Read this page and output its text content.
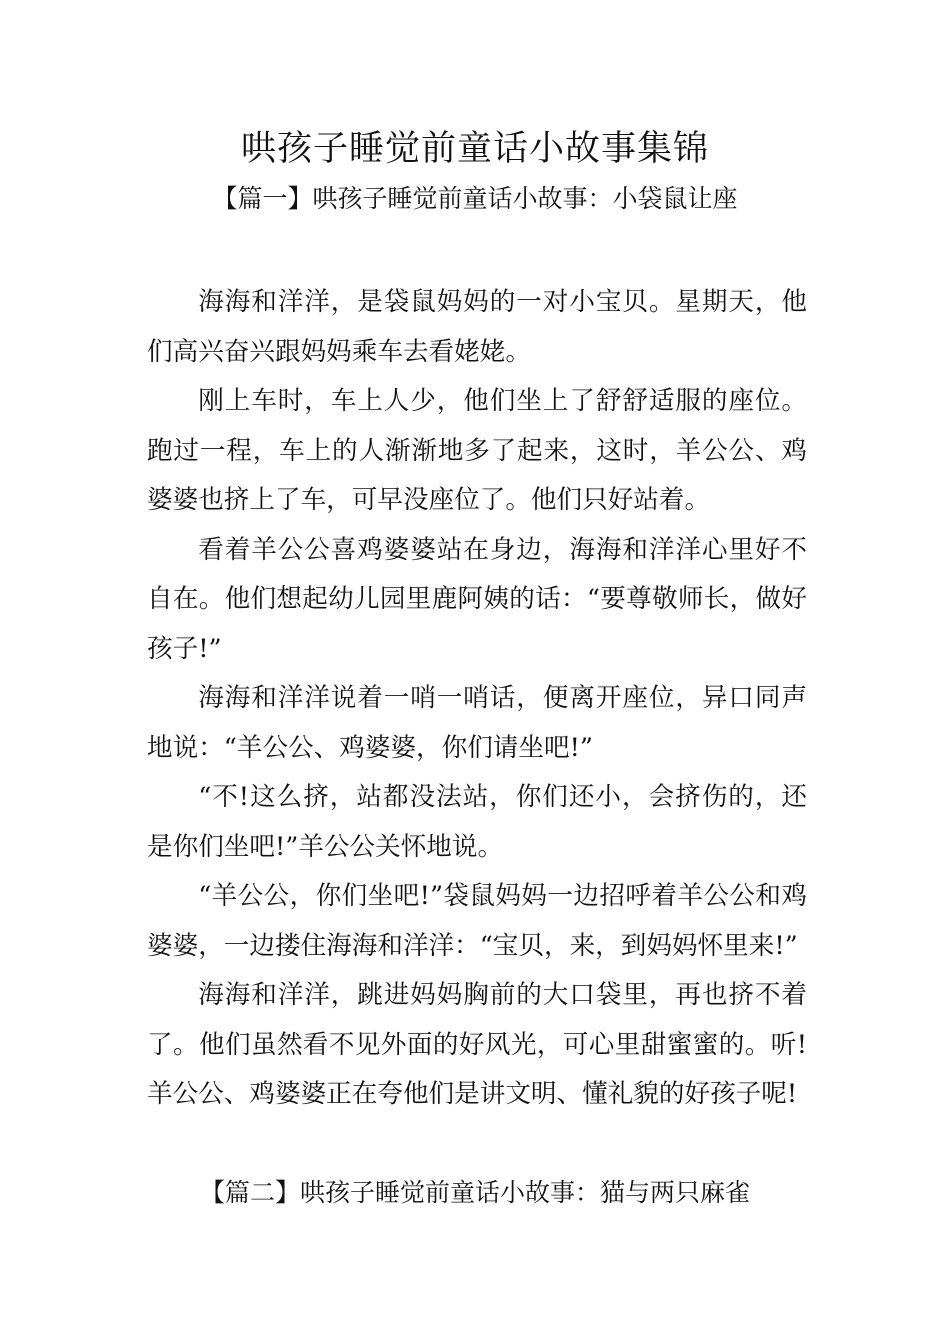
哄孩子睡觉前童话小故事集锦
【篇一】哄孩子睡觉前童话小故事：小袋鼠让座

海海和洋洋，是袋鼠妈妈的一对小宝贝。星期天，他们高兴奋兴跟妈妈乘车去看姥姥。

刚上车时，车上人少，他们坐上了舒舒适服的座位。跑过一程，车上的人渐渐地多了起来，这时，羊公公、鸡婆婆也挤上了车，可早没座位了。他们只好站着。

看着羊公公喜鸡婆婆站在身边，海海和洋洋心里好不自在。他们想起幼儿园里鹿阿姨的话：“要尊敬师长，做好孩子!”

海海和洋洋说着一哨一哨话，便离开座位，异口同声地说：“羊公公、鸡婆婆，你们请坐吧!”

“不!这么挤，站都没法站，你们还小，会挤伤的，还是你们坐吧!”羊公公关怀地说。

“羊公公，你们坐吧!”袋鼠妈妈一边招呼着羊公公和鸡婆婆，一边搂住海海和洋洋：“宝贝，来，到妈妈怀里来!”

海海和洋洋，跳进妈妈胸前的大口袋里，再也挤不着了。他们虽然看不见外面的好风光，可心里甜蜜蜜的。听!羊公公、鸡婆婆正在夸他们是讲文明、懂礼貌的好孩子呢!

【篇二】哄孩子睡觉前童话小故事：猫与两只麻雀
